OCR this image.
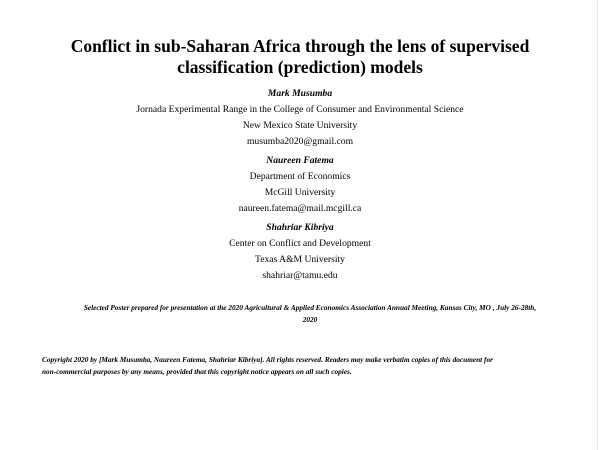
Conflict in sub-Saharan Africa through the lens of supervised
classification (prediction) models
Mark Musumba
Jornada Experimental Range in the College of Consumer and Environmental Science
New Mexico State University
musumba2020@gmail.com
Naureen Fatema
Department of Economics
McGill University
naureen.fatema@mail.mcgill.ca
Shahriar Kibriya
Center on Conflict and Development
Texas A&M University
shahriar@tamu.edu
Selected Poster prepared for presentation at the 2020 Agricultural & Applied Economics Association Annual Meeting, Kansas City, MO , July 26-28th,
2020
Copyright 2020 by [Mark Musumba, Naureen Fatema, Shahriar Kibriya]. All rights reserved. Readers may make verbatim copies of this document for
non-commercial purposes by any means, provided that this copyright notice appears on all such copies.
